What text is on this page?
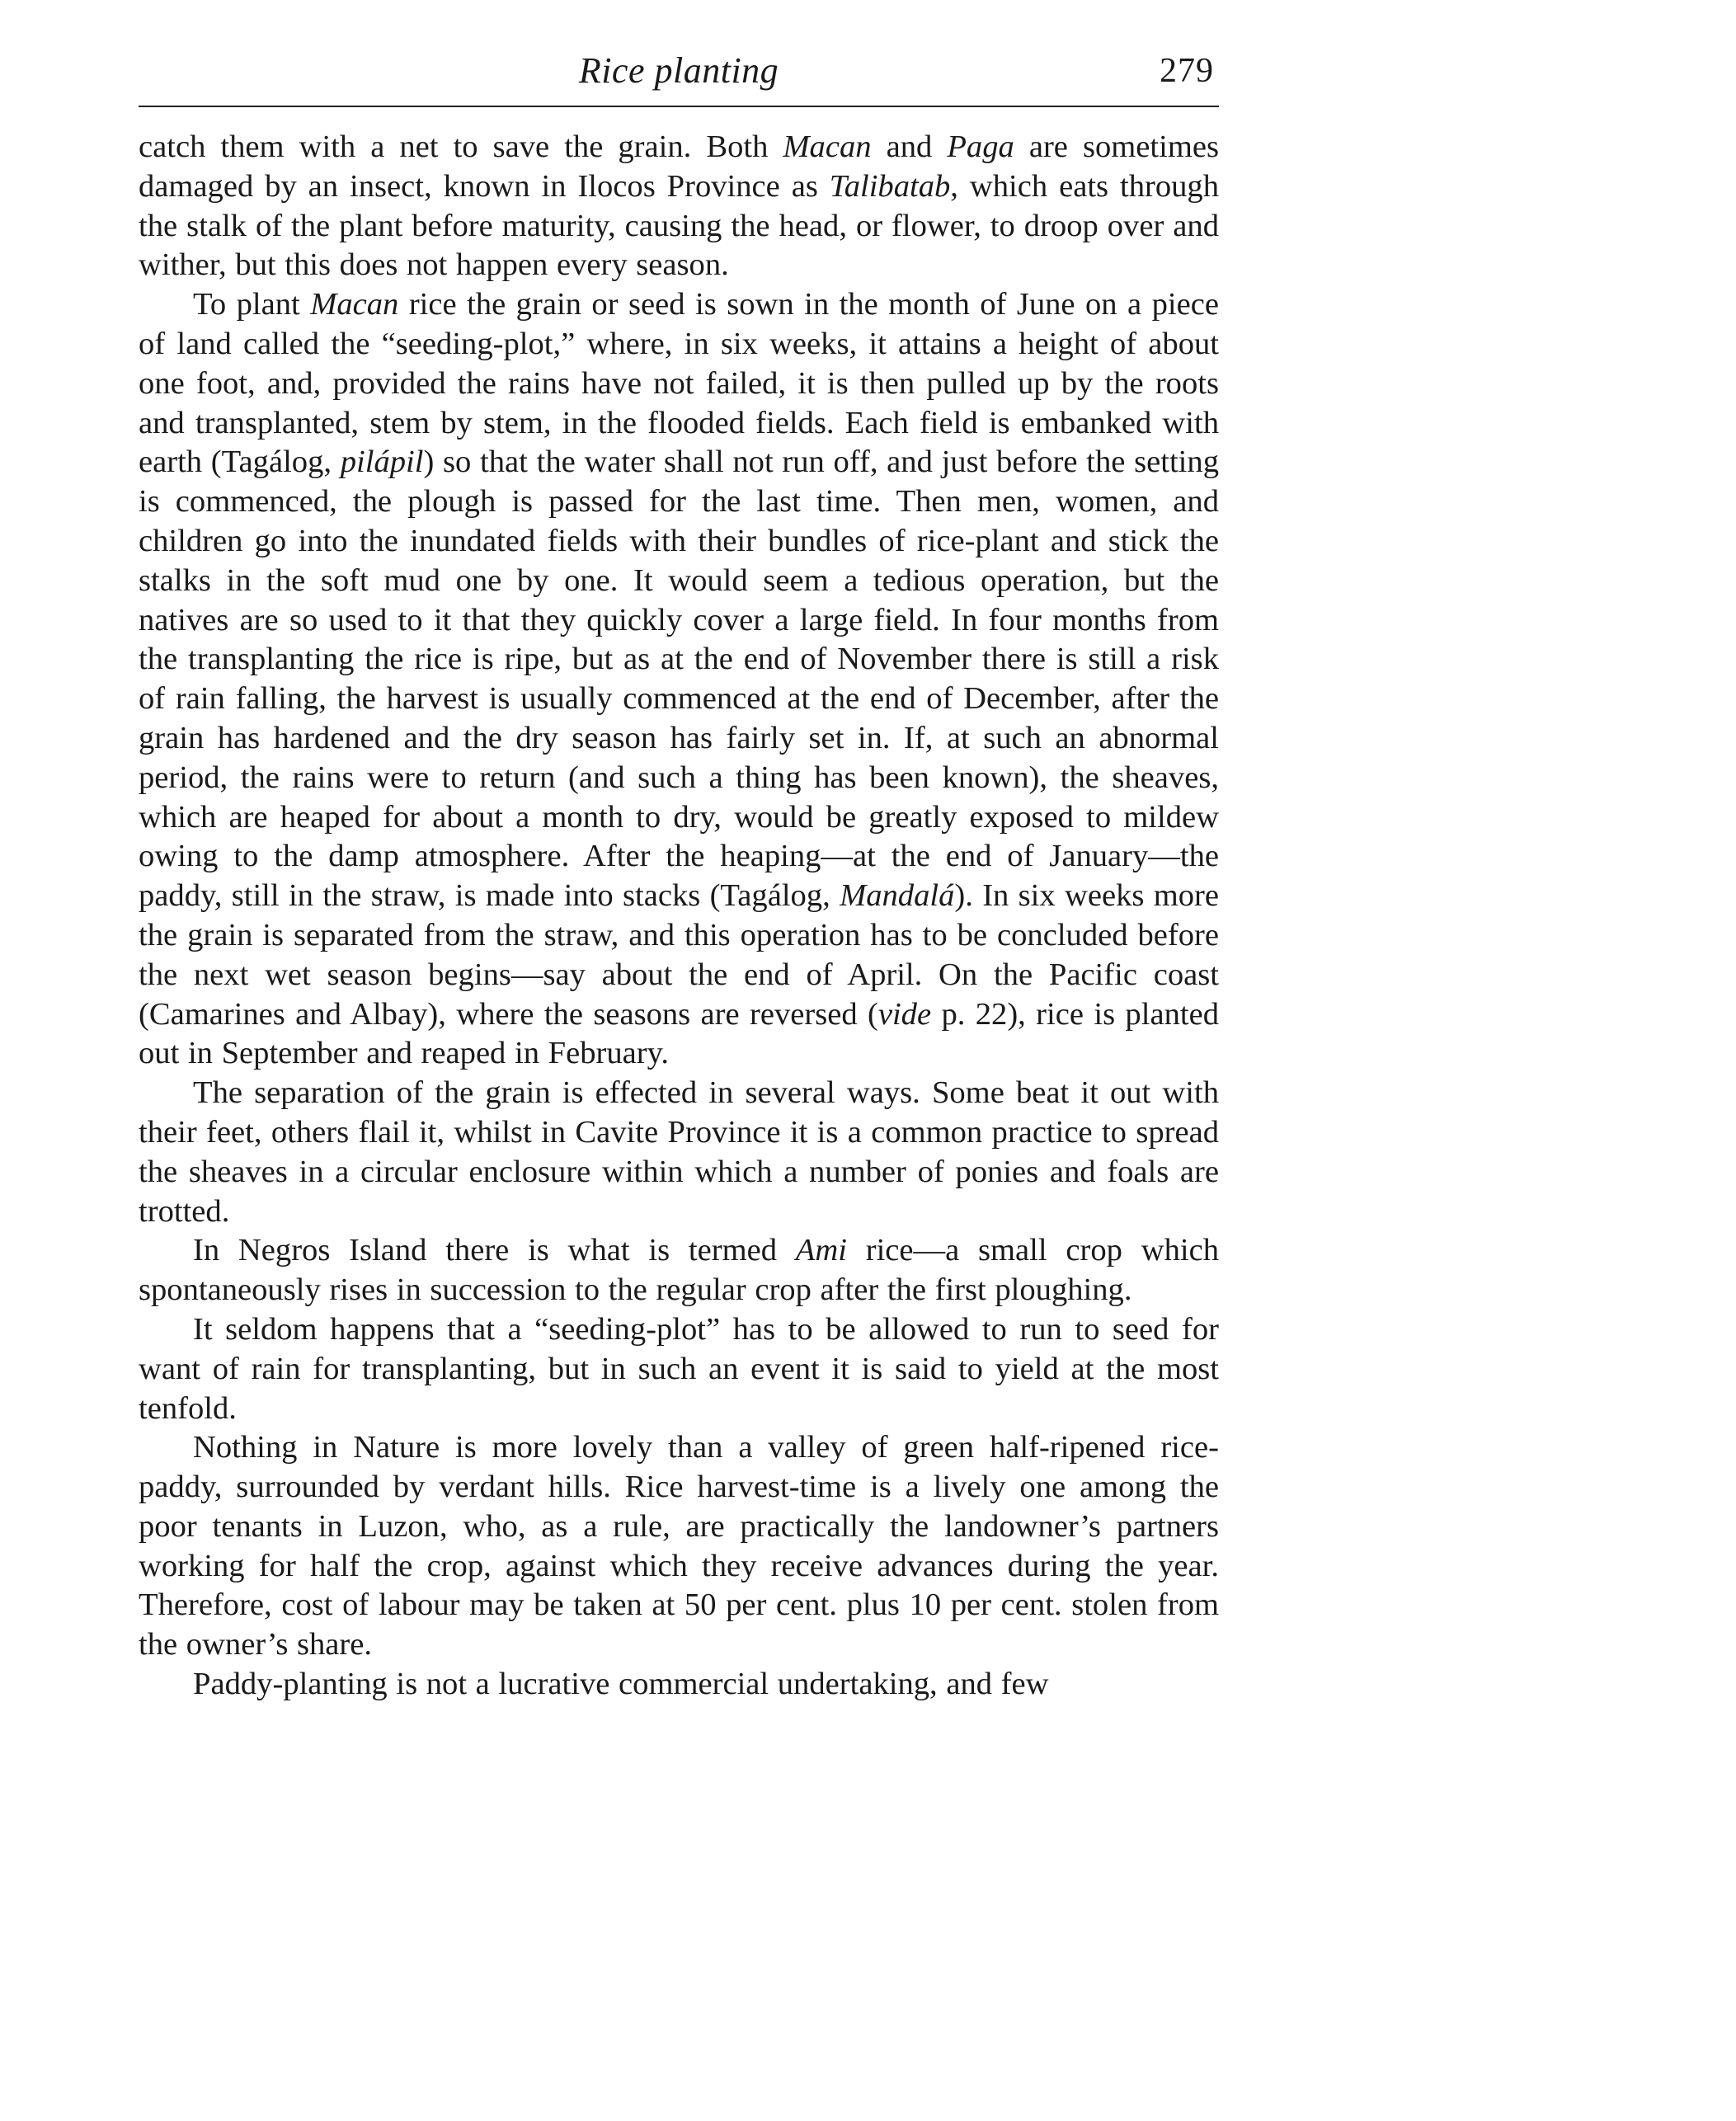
Rice planting	279

catch them with a net to save the grain. Both Macan and Paga are sometimes damaged by an insect, known in Ilocos Province as Talibatab, which eats through the stalk of the plant before maturity, causing the head, or flower, to droop over and wither, but this does not happen every season.

To plant Macan rice the grain or seed is sown in the month of June on a piece of land called the “seeding-plot,” where, in six weeks, it attains a height of about one foot, and, provided the rains have not failed, it is then pulled up by the roots and transplanted, stem by stem, in the flooded fields. Each field is embanked with earth (Tagálog, pilápil) so that the water shall not run off, and just before the setting is commenced, the plough is passed for the last time. Then men, women, and children go into the inundated fields with their bundles of rice-plant and stick the stalks in the soft mud one by one. It would seem a tedious operation, but the natives are so used to it that they quickly cover a large field. In four months from the transplanting the rice is ripe, but as at the end of November there is still a risk of rain falling, the harvest is usually commenced at the end of December, after the grain has hardened and the dry season has fairly set in. If, at such an abnormal period, the rains were to return (and such a thing has been known), the sheaves, which are heaped for about a month to dry, would be greatly exposed to mildew owing to the damp atmosphere. After the heaping—at the end of January—the paddy, still in the straw, is made into stacks (Tagálog, Mandalá). In six weeks more the grain is separated from the straw, and this operation has to be concluded before the next wet season begins—say about the end of April. On the Pacific coast (Camarines and Albay), where the seasons are reversed (vide p. 22), rice is planted out in September and reaped in February.

The separation of the grain is effected in several ways. Some beat it out with their feet, others flail it, whilst in Cavite Province it is a common practice to spread the sheaves in a circular enclosure within which a number of ponies and foals are trotted.

In Negros Island there is what is termed Ami rice—a small crop which spontaneously rises in succession to the regular crop after the first ploughing.

It seldom happens that a “seeding-plot” has to be allowed to run to seed for want of rain for transplanting, but in such an event it is said to yield at the most tenfold.

Nothing in Nature is more lovely than a valley of green half-ripened rice-paddy, surrounded by verdant hills. Rice harvest-time is a lively one among the poor tenants in Luzon, who, as a rule, are practically the landowner’s partners working for half the crop, against which they receive advances during the year. Therefore, cost of labour may be taken at 50 per cent. plus 10 per cent. stolen from the owner’s share.

Paddy-planting is not a lucrative commercial undertaking, and few
